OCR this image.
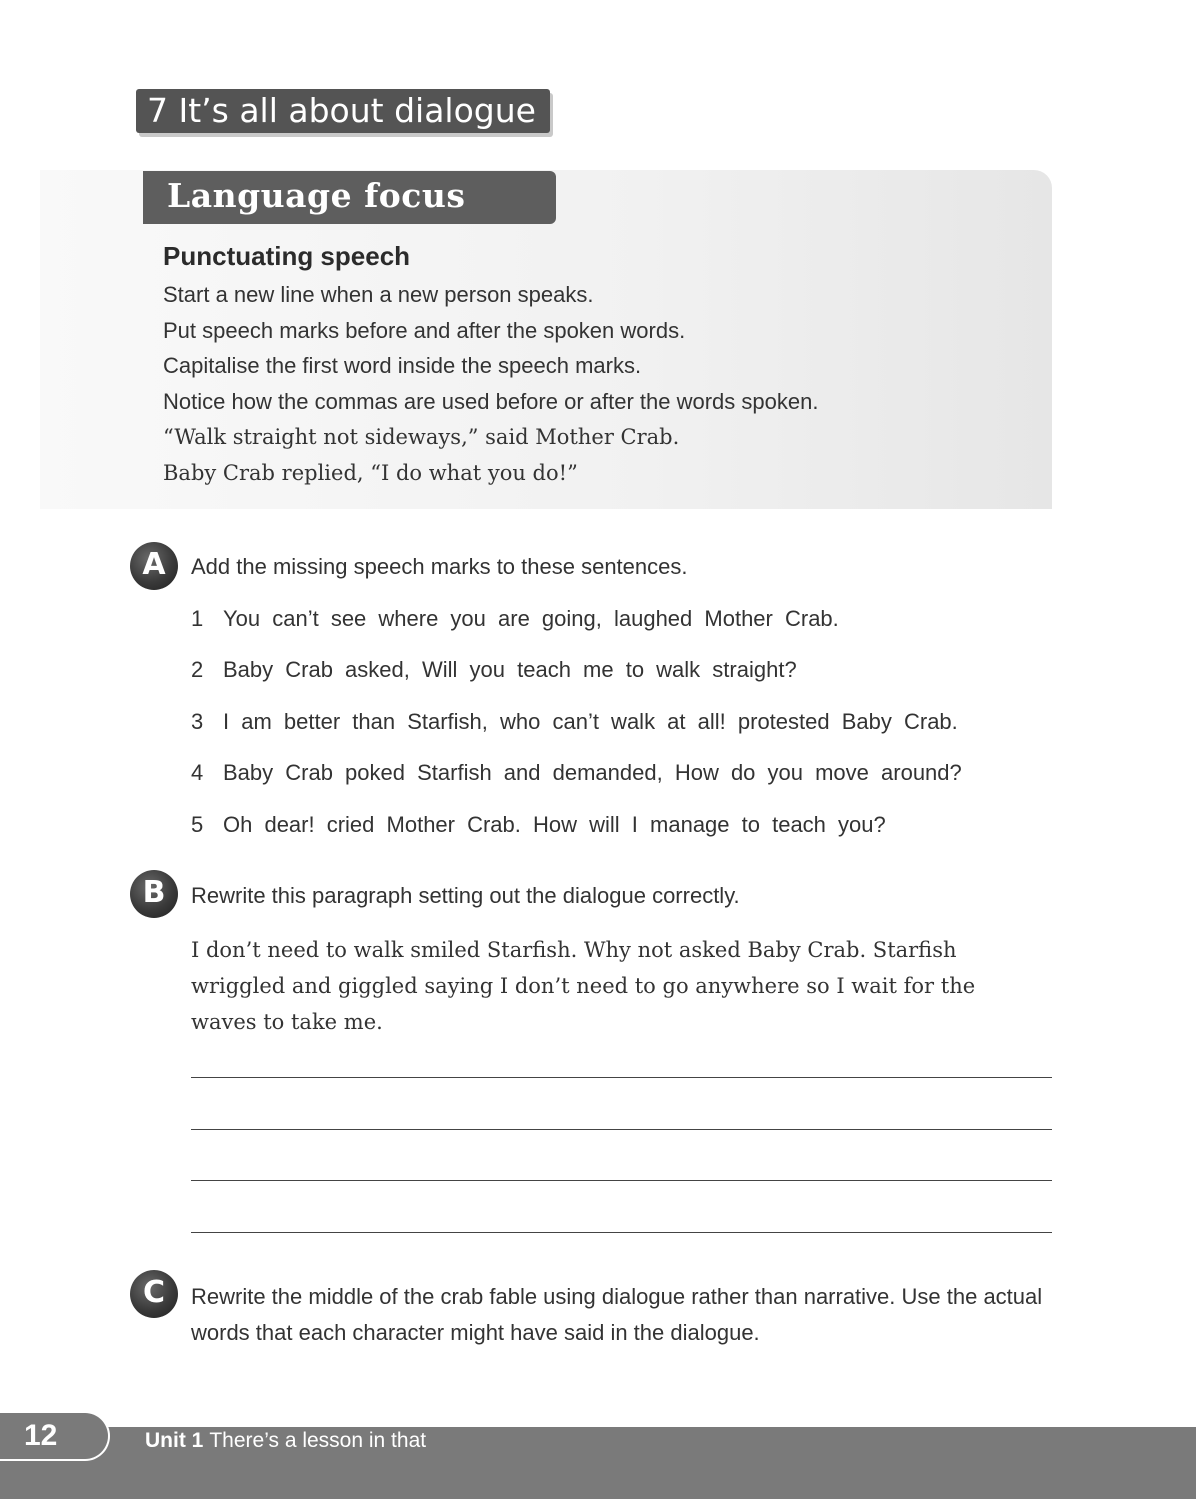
7 It’s all about dialogue
Language focus
Punctuating speech
Start a new line when a new person speaks.
Put speech marks before and after the spoken words.
Capitalise the first word inside the speech marks.
Notice how the commas are used before or after the words spoken.
“Walk straight not sideways,” said Mother Crab.
Baby Crab replied, “I do what you do!”
A	Add the missing speech marks to these sentences.
1 You can’t see where you are going, laughed Mother Crab.
2 Baby Crab asked, Will you teach me to walk straight?
3 I am better than Starfish, who can’t walk at all! protested Baby Crab.
4 Baby Crab poked Starfish and demanded, How do you move around?
5 Oh dear! cried Mother Crab. How will I manage to teach you?
B	Rewrite this paragraph setting out the dialogue correctly.
I don’t need to walk smiled Starfish. Why not asked Baby Crab. Starfish wriggled and giggled saying I don’t need to go anywhere so I wait for the waves to take me.
C	Rewrite the middle of the crab fable using dialogue rather than narrative. Use the actual words that each character might have said in the dialogue.
12	Unit 1 There’s a lesson in that
